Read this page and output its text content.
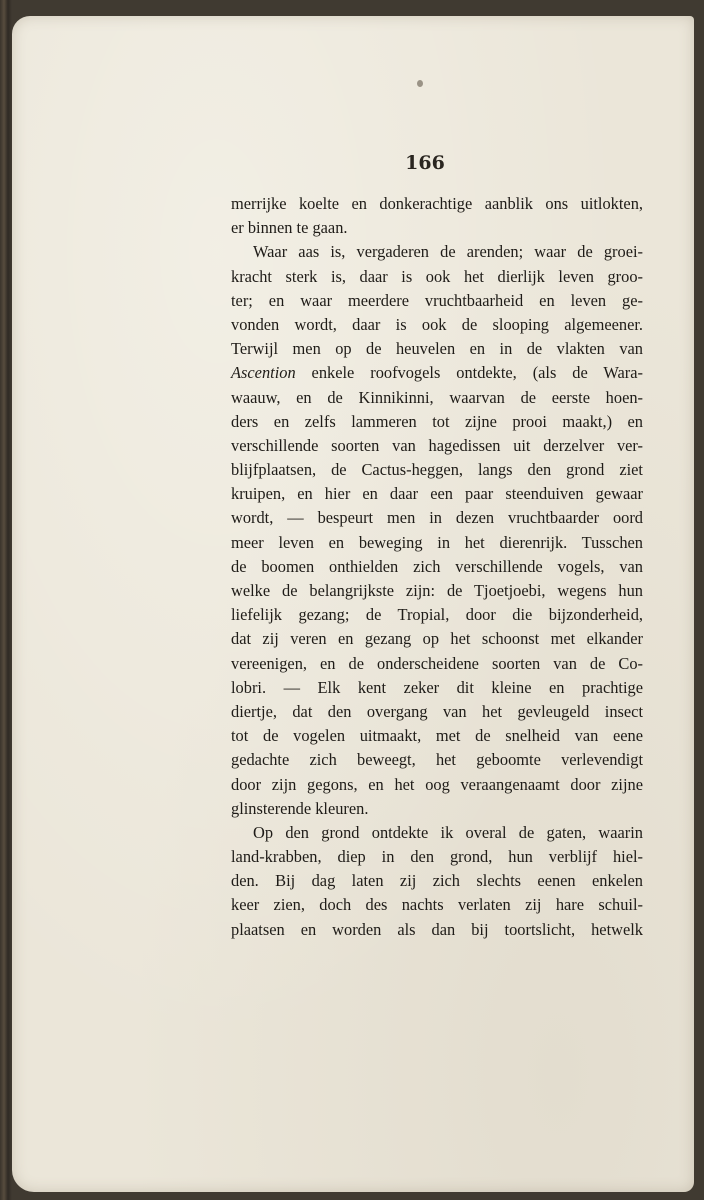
166
merrijke koelte en donkerachtige aanblik ons uitlokten,
er binnen te gaan.
Waar aas is, vergaderen de arenden; waar de groei-
kracht sterk is, daar is ook het dierlijk leven groo-
ter; en waar meerdere vruchtbaarheid en leven ge-
vonden wordt, daar is ook de slooping algemeener.
Terwijl men op de heuvelen en in de vlakten van
Ascention enkele roofvogels ontdekte, (als de Wara-
waauw, en de Kinnikinni, waarvan de eerste hoen-
ders en zelfs lammeren tot zijne prooi maakt,) en
verschillende soorten van hagedissen uit derzelver ver-
blijfplaatsen, de Cactus-heggen, langs den grond ziet
kruipen, en hier en daar een paar steenduiven gewaar
wordt, — bespeurt men in dezen vruchtbaarder oord
meer leven en beweging in het dierenrijk. Tusschen
de boomen onthielden zich verschillende vogels, van
welke de belangrijkste zijn: de Tjoetjoebi, wegens hun
liefelijk gezang; de Tropial, door die bijzonderheid,
dat zij veren en gezang op het schoonst met elkander
vereenigen, en de onderscheidene soorten van de Co-
lobri. — Elk kent zeker dit kleine en prachtige
diertje, dat den overgang van het gevleugeld insect
tot de vogelen uitmaakt, met de snelheid van eene
gedachte zich beweegt, het geboomte verlevendigt
door zijn gegons, en het oog veraangenaamt door zijne
glinsterende kleuren.
Op den grond ontdekte ik overal de gaten, waarin
land-krabben, diep in den grond, hun verblijf hiel-
den. Bij dag laten zij zich slechts eenen enkelen
keer zien, doch des nachts verlaten zij hare schuil-
plaatsen en worden als dan bij toortslicht, hetwelk
